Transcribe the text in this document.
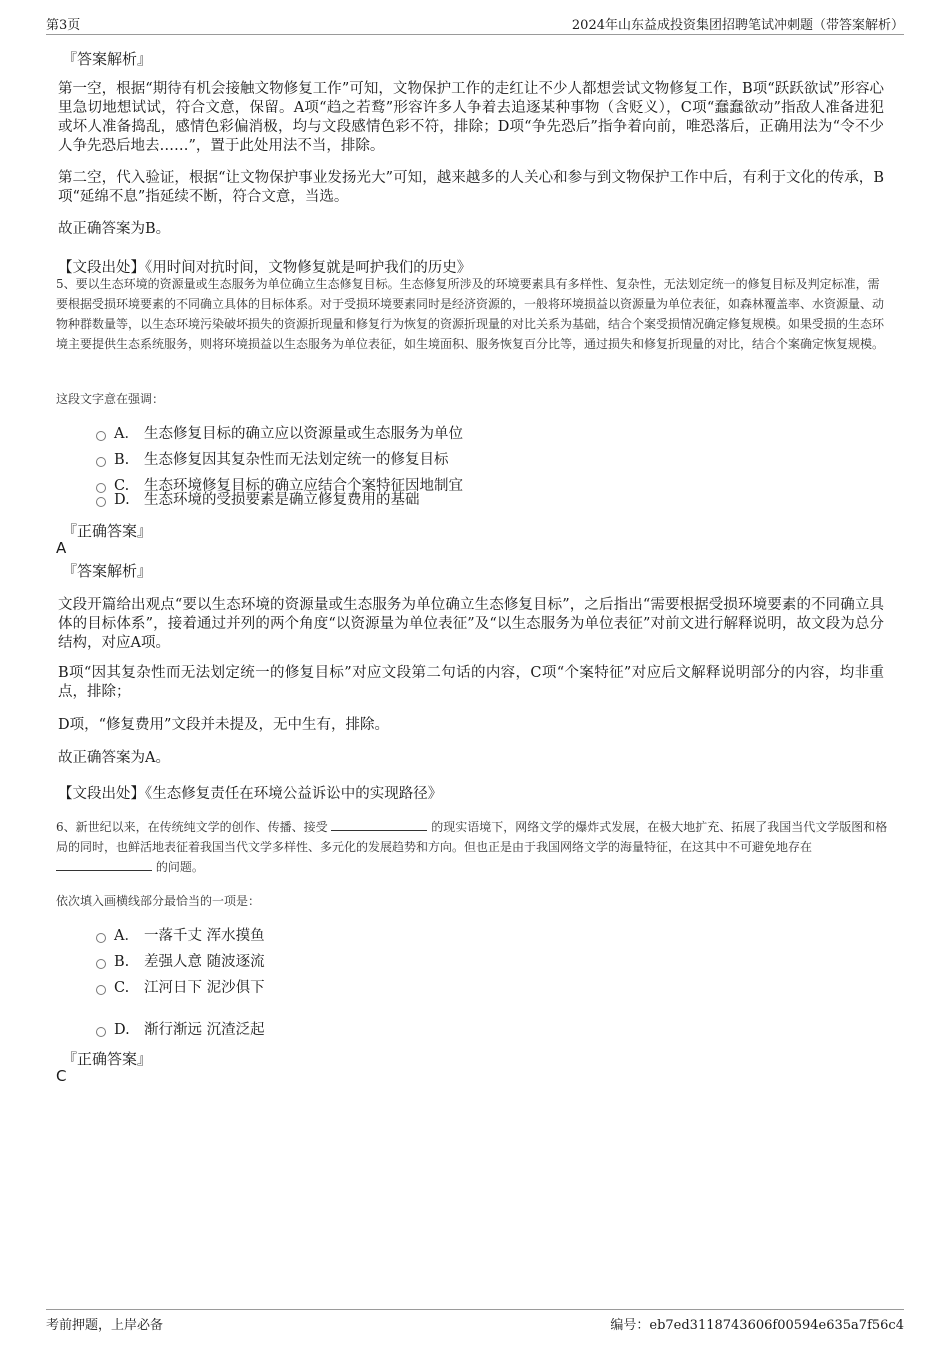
第3页	2024年山东益成投资集团招聘笔试冲刺题（带答案解析）
『答案解析』
第一空，根据“期待有机会接触文物修复工作”可知，文物保护工作的走红让不少人都想尝试文物修复工作，B项“跃跃欲试”形容心里急切地想试试，符合文意，保留。A项“趋之若鹜”形容许多人争着去追逐某种事物（含贬义），C项“蠢蠢欲动”指敌人准备进犯或坏人准备捣乱，感情色彩偏消极，均与文段感情色彩不符，排除；D项“争先恐后”指争着向前，唯恐落后，正确用法为“令不少人争先恐后地去……”，置于此处用法不当，排除。
第二空，代入验证，根据“让文物保护事业发扬光大”可知，越来越多的人关心和参与到文物保护工作中后，有利于文化的传承，B项“延绵不息”指延续不断，符合文意，当选。
故正确答案为B。
【文段出处】《用时间对抗时间，文物修复就是呵护我们的历史》
5、要以生态环境的资源量或生态服务为单位确立生态修复目标。生态修复所涉及的环境要素具有多样性、复杂性，无法划定统一的修复目标及判定标准，需要根据受损环境要素的不同确立具体的目标体系。对于受损环境要素同时是经济资源的，一般将环境损益以资源量为单位表征，如森林覆盖率、水资源量、动物种群数量等，以生态环境污染破坏损失的资源折现量和修复行为恢复的资源折现量的对比关系为基础，结合个案受损情况确定修复规模。如果受损的生态环境主要提供生态系统服务，则将环境损益以生态服务为单位表征，如生境面积、服务恢复百分比等，通过损失和修复折现量的对比，结合个案确定恢复规模。
这段文字意在强调：
A． 生态修复目标的确立应以资源量或生态服务为单位
B. 生态修复因其复杂性而无法划定统一的修复目标
C. 生态环境修复目标的确立应结合个案特征因地制宜
D. 生态环境的受损要素是确立修复费用的基础
『正确答案』
A
『答案解析』
文段开篇给出观点“要以生态环境的资源量或生态服务为单位确立生态修复目标”，之后指出“需要根据受损环境要素的不同确立具体的目标体系”，接着通过并列的两个角度“以资源量为单位表征”及“以生态服务为单位表征”对前文进行解释说明，故文段为总分结构，对应A项。
B项“因其复杂性而无法划定统一的修复目标”对应文段第二句话的内容，C项“个案特征”对应后文解释说明部分的内容，均非重点，排除；
D项，“修复费用”文段并未提及，无中生有，排除。
故正确答案为A。
【文段出处】《生态修复责任在环境公益诉讼中的实现路径》
6、新世纪以来，在传统纯文学的创作、传播、接受	的现实语境下，网络文学的爆炸式发展，在极大地扩充、拓展了我国当代文学版图和格局的同时，也鲜活地表征着我国当代文学多样性、多元化的发展趋势和方向。但也正是由于我国网络文学的海量特征，在这其中不可避免地存在  的问题。
依次填入画横线部分最恰当的一项是：
A． 一落千丈 浑水摸鱼
B. 差强人意 随波逐流
C. 江河日下 泥沙俱下
D. 渐行渐远 沉渣泛起
『正确答案』
C
考前押题，上岸必备	编号：eb7ed3118743606f00594e635a7f56c4
